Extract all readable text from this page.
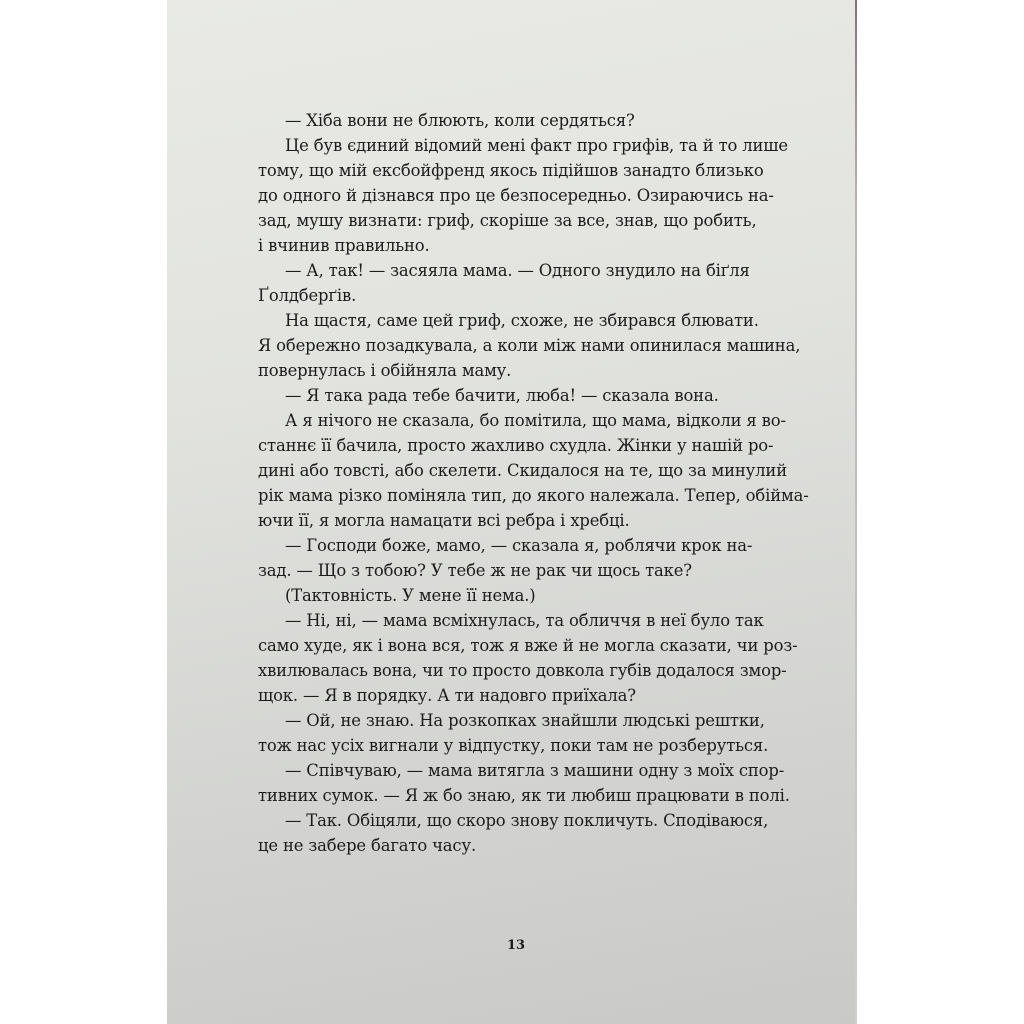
— Хіба вони не блюють, коли сердяться?
Це був єдиний відомий мені факт про грифів, та й то лише
тому, що мій ексбойфренд якось підійшов занадто близько
до одного й дізнався про це безпосередньо. Озираючись на-
зад, мушу визнати: гриф, скоріше за все, знав, що робить,
і вчинив правильно.
— А, так! — засяяла мама. — Одного знудило на біґля
Ґолдберґів.
На щастя, саме цей гриф, схоже, не збирався блювати.
Я обережно позадкувала, а коли між нами опинилася машина,
повернулась і обійняла маму.
— Я така рада тебе бачити, люба! — сказала вона.
А я нічого не сказала, бо помітила, що мама, відколи я во-
станнє її бачила, просто жахливо схудла. Жінки у нашій ро-
дині або товсті, або скелети. Скидалося на те, що за минулий
рік мама різко поміняла тип, до якого належала. Тепер, обійма-
ючи її, я могла намацати всі ребра і хребці.
— Господи боже, мамо, — сказала я, роблячи крок на-
зад. — Що з тобою? У тебе ж не рак чи щось таке?
(Тактовність. У мене її нема.)
— Ні, ні, — мама всміхнулась, та обличчя в неї було так
само худе, як і вона вся, тож я вже й не могла сказати, чи роз-
хвилювалась вона, чи то просто довкола губів додалося змор-
щок. — Я в порядку. А ти надовго приїхала?
— Ой, не знаю. На розкопках знайшли людські рештки,
тож нас усіх вигнали у відпустку, поки там не розберуться.
— Співчуваю, — мама витягла з машини одну з моїх спор-
тивних сумок. — Я ж бо знаю, як ти любиш працювати в полі.
— Так. Обіцяли, що скоро знову покличуть. Сподіваюся,
це не забере багато часу.
13
